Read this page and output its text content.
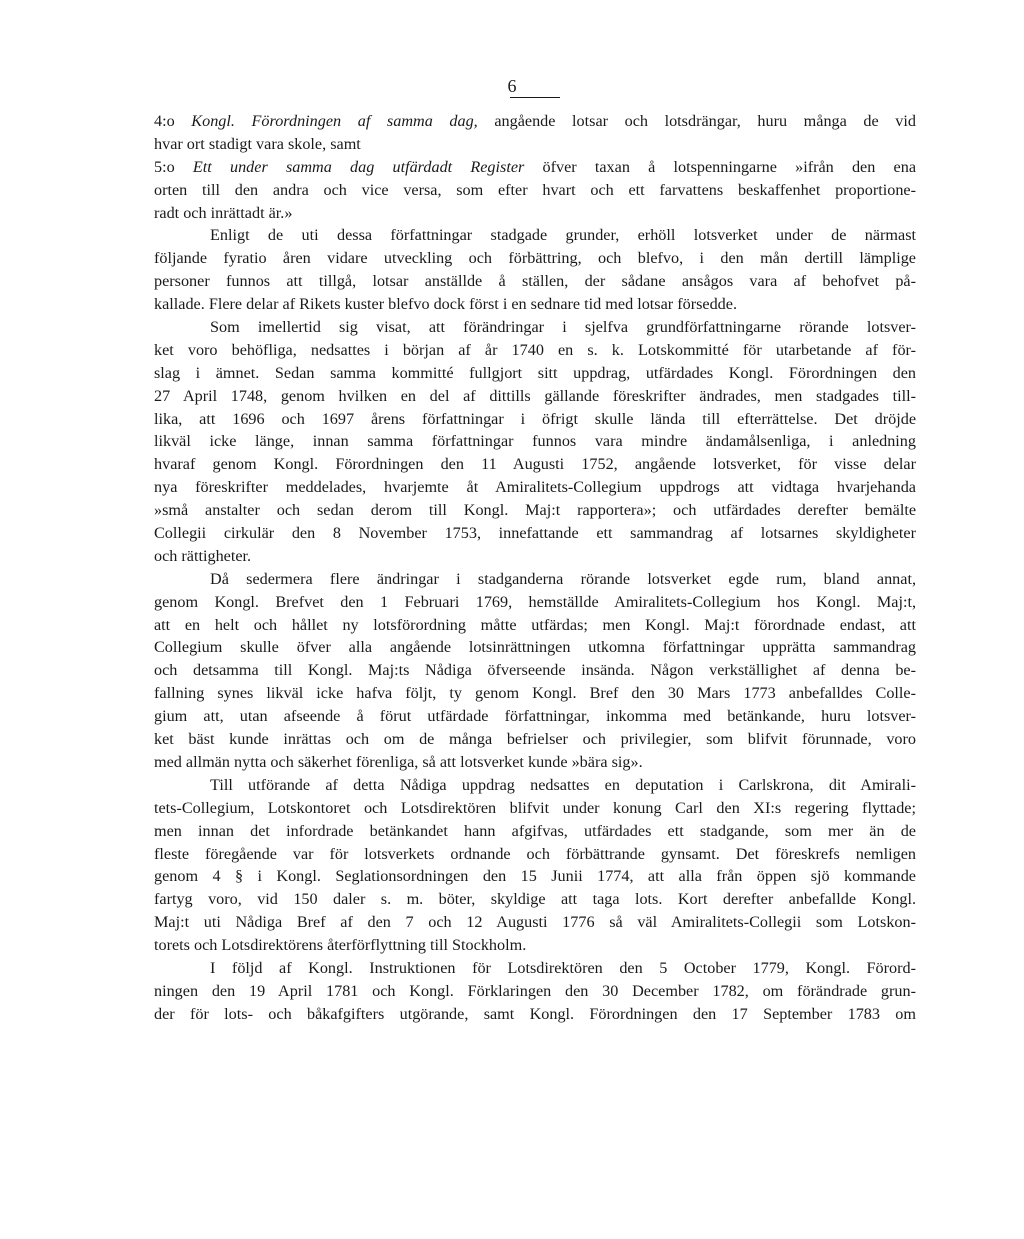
6
4:o Kongl. Förordningen af samma dag, angående lotsar och lotsdrängar, huru många de vid
hvar ort stadigt vara skole, samt
5:o Ett under samma dag utfärdadt Register öfver taxan å lotspenningarne »ifrån den ena
orten till den andra och vice versa, som efter hvart och ett farvattens beskaffenhet proportione-
radt och inrättadt är.»
Enligt de uti dessa författningar stadgade grunder, erhöll lotsverket under de närmast
följande fyratio åren vidare utveckling och förbättring, och blefvo, i den mån dertill lämplige
personer funnos att tillgå, lotsar anställde å ställen, der sådane ansågos vara af behofvet på-
kallade. Flere delar af Rikets kuster blefvo dock först i en sednare tid med lotsar försedde.
Som imellertid sig visat, att förändringar i sjelfva grundförfattningarne rörande lotsver-
ket voro behöfliga, nedsattes i början af år 1740 en s. k. Lotskommitté för utarbetande af för-
slag i ämnet. Sedan samma kommitté fullgjort sitt uppdrag, utfärdades Kongl. Förordningen den
27 April 1748, genom hvilken en del af dittills gällande föreskrifter ändrades, men stadgades till-
lika, att 1696 och 1697 årens författningar i öfrigt skulle lända till efterrättelse. Det dröjde
likväl icke länge, innan samma författningar funnos vara mindre ändamålsenliga, i anledning
hvaraf genom Kongl. Förordningen den 11 Augusti 1752, angående lotsverket, för visse delar
nya föreskrifter meddelades, hvarjemte åt Amiralitets-Collegium uppdrogs att vidtaga hvarjehanda
»små anstalter och sedan derom till Kongl. Maj:t rapportera»; och utfärdades derefter bemälte
Collegii cirkulär den 8 November 1753, innefattande ett sammandrag af lotsarnes skyldigheter
och rättigheter.
Då sedermera flere ändringar i stadganderna rörande lotsverket egde rum, bland annat,
genom Kongl. Brefvet den 1 Februari 1769, hemställde Amiralitets-Collegium hos Kongl. Maj:t,
att en helt och hållet ny lotsförordning måtte utfärdas; men Kongl. Maj:t förordnade endast, att
Collegium skulle öfver alla angående lotsinrättningen utkomna författningar upprätta sammandrag
och detsamma till Kongl. Maj:ts Nådiga öfverseende insända. Någon verkställighet af denna be-
fallning synes likväl icke hafva följt, ty genom Kongl. Bref den 30 Mars 1773 anbefalldes Colle-
gium att, utan afseende å förut utfärdade författningar, inkomma med betänkande, huru lotsver-
ket bäst kunde inrättas och om de många befrielser och privilegier, som blifvit förunnade, voro
med allmän nytta och säkerhet förenliga, så att lotsverket kunde »bära sig».
Till utförande af detta Nådiga uppdrag nedsattes en deputation i Carlskrona, dit Amirali-
tets-Collegium, Lotskontoret och Lotsdirektören blifvit under konung Carl den XI:s regering flyttade;
men innan det infordrade betänkandet hann afgifvas, utfärdades ett stadgande, som mer än de
fleste föregående var för lotsverkets ordnande och förbättrande gynsamt. Det föreskrefs nemligen
genom 4 § i Kongl. Seglationsordningen den 15 Junii 1774, att alla från öppen sjö kommande
fartyg voro, vid 150 daler s. m. böter, skyldige att taga lots. Kort derefter anbefallde Kongl.
Maj:t uti Nådiga Bref af den 7 och 12 Augusti 1776 så väl Amiralitets-Collegii som Lotskon-
torets och Lotsdirektörens återförflyttning till Stockholm.
I följd af Kongl. Instruktionen för Lotsdirektören den 5 October 1779, Kongl. Förord-
ningen den 19 April 1781 och Kongl. Förklaringen den 30 December 1782, om förändrade grun-
der för lots- och båkafgifters utgörande, samt Kongl. Förordningen den 17 September 1783 om
